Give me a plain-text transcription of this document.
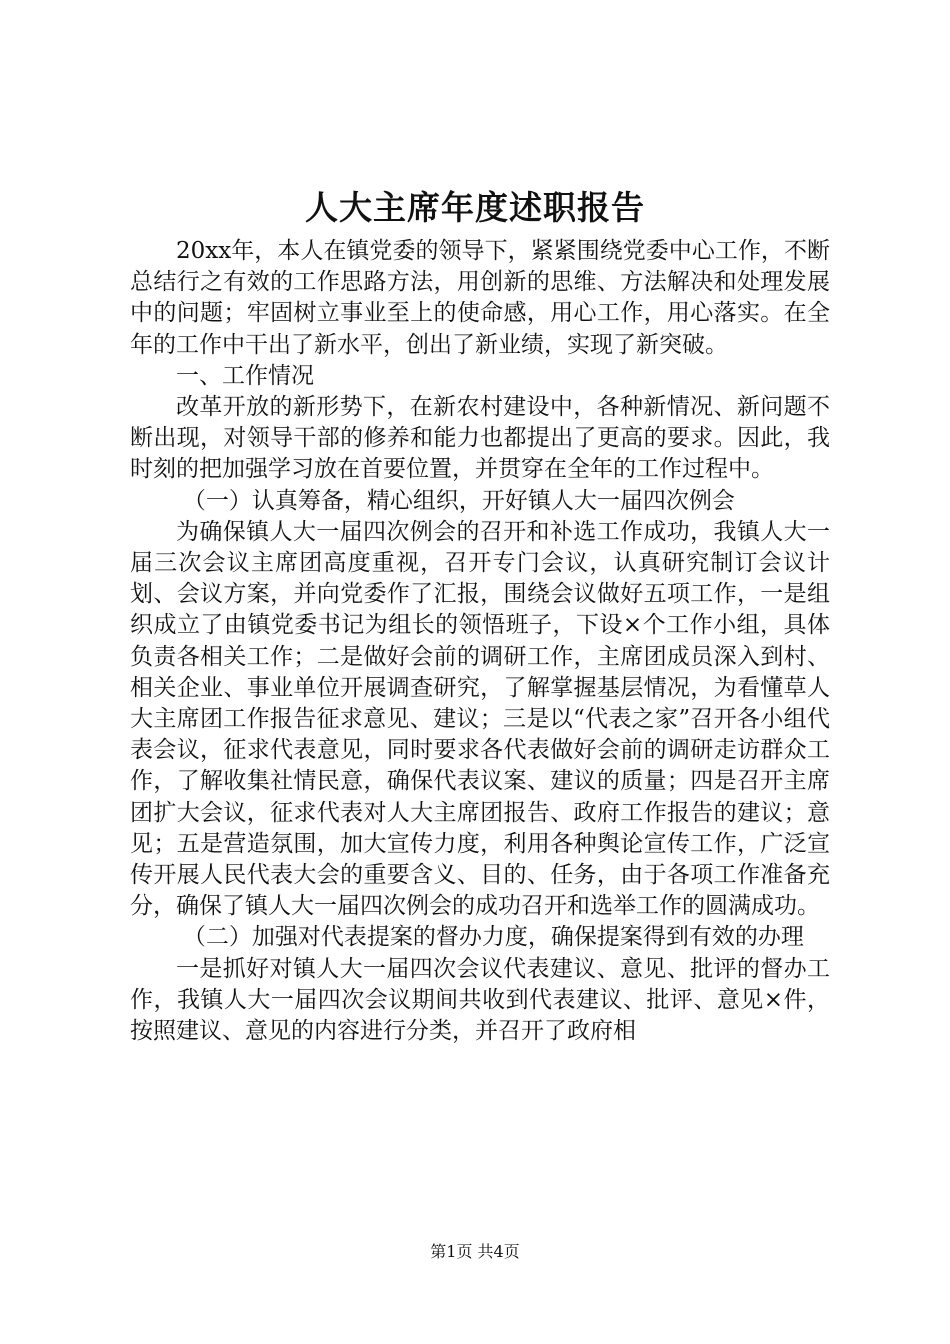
人大主席年度述职报告

20xx年，本人在镇党委的领导下，紧紧围绕党委中心工作，不断总结行之有效的工作思路方法，用创新的思维、方法解决和处理发展中的问题；牢固树立事业至上的使命感，用心工作，用心落实。在全年的工作中干出了新水平，创出了新业绩，实现了新突破。

一、工作情况

改革开放的新形势下，在新农村建设中，各种新情况、新问题不断出现，对领导干部的修养和能力也都提出了更高的要求。因此，我时刻的把加强学习放在首要位置，并贯穿在全年的工作过程中。

（一）认真筹备，精心组织，开好镇人大一届四次例会

为确保镇人大一届四次例会的召开和补选工作成功，我镇人大一届三次会议主席团高度重视，召开专门会议，认真研究制订会议计划、会议方案，并向党委作了汇报，围绕会议做好五项工作，一是组织成立了由镇党委书记为组长的领悟班子，下设×个工作小组，具体负责各相关工作；二是做好会前的调研工作，主席团成员深入到村、相关企业、事业单位开展调查研究，了解掌握基层情况，为看懂草人大主席团工作报告征求意见、建议；三是以“代表之家”召开各小组代表会议，征求代表意见，同时要求各代表做好会前的调研走访群众工作，了解收集社情民意，确保代表议案、建议的质量；四是召开主席团扩大会议，征求代表对人大主席团报告、政府工作报告的建议；意见；五是营造氛围，加大宣传力度，利用各种舆论宣传工作，广泛宣传开展人民代表大会的重要含义、目的、任务，由于各项工作准备充分，确保了镇人大一届四次例会的成功召开和选举工作的圆满成功。

（二）加强对代表提案的督办力度，确保提案得到有效的办理

一是抓好对镇人大一届四次会议代表建议、意见、批评的督办工作，我镇人大一届四次会议期间共收到代表建议、批评、意见×件，按照建议、意见的内容进行分类，并召开了政府相

第1页 共4页
